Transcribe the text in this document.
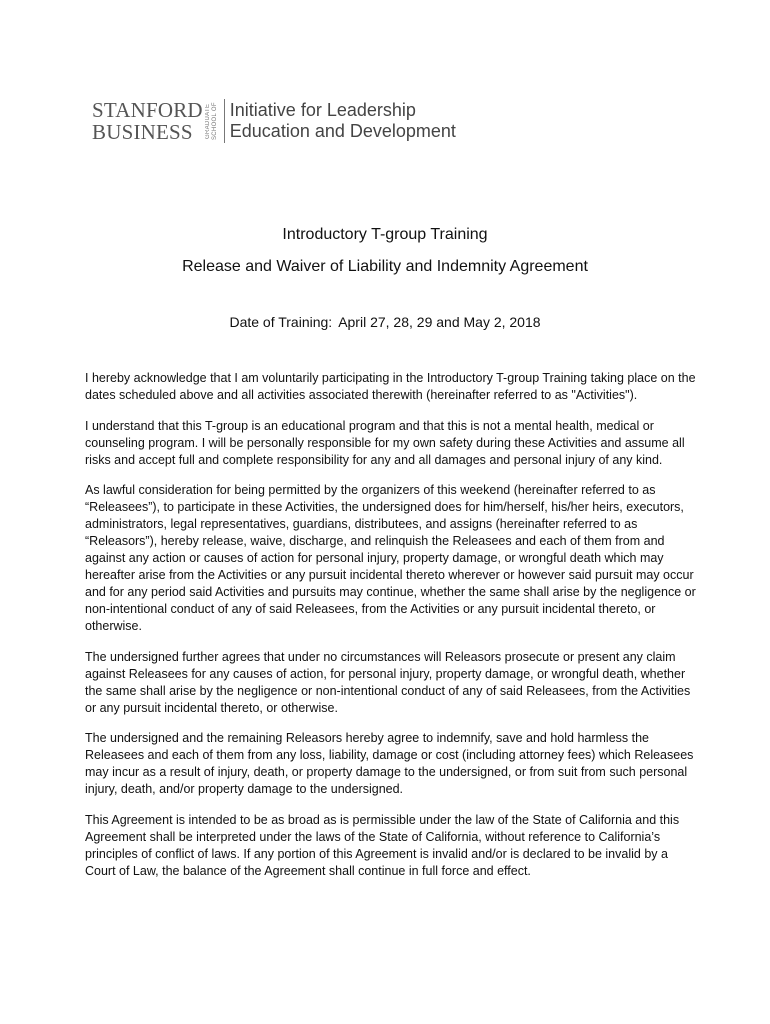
STANFORD
BUSINESS	GRADUATE SCHOOL OF Initiative for Leadership
Education and Development
Introductory T-group Training
Release and Waiver of Liability and Indemnity Agreement
Date of Training: April 27, 28, 29 and May 2, 2018

I hereby acknowledge that I am voluntarily participating in the Introductory T-group Training taking place on the dates scheduled above and all activities associated therewith (hereinafter referred to as "Activities").

I understand that this T-group is an educational program and that this is not a mental health, medical or counseling program. I will be personally responsible for my own safety during these Activities and assume all risks and accept full and complete responsibility for any and all damages and personal injury of any kind.

As lawful consideration for being permitted by the organizers of this weekend (hereinafter referred to as “Releasees”), to participate in these Activities, the undersigned does for him/herself, his/her heirs, executors, administrators, legal representatives, guardians, distributees, and assigns (hereinafter referred to as “Releasors”), hereby release, waive, discharge, and relinquish the Releasees and each of them from and against any action or causes of action for personal injury, property damage, or wrongful death which may hereafter arise from the Activities or any pursuit incidental thereto wherever or however said pursuit may occur and for any period said Activities and pursuits may continue, whether the same shall arise by the negligence or non-intentional conduct of any of said Releasees, from the Activities or any pursuit incidental thereto, or otherwise.

The undersigned further agrees that under no circumstances will Releasors prosecute or present any claim against Releasees for any causes of action, for personal injury, property damage, or wrongful death, whether the same shall arise by the negligence or non-intentional conduct of any of said Releasees, from the Activities or any pursuit incidental thereto, or otherwise.

The undersigned and the remaining Releasors hereby agree to indemnify, save and hold harmless the Releasees and each of them from any loss, liability, damage or cost (including attorney fees) which Releasees may incur as a result of injury, death, or property damage to the undersigned, or from suit from such personal injury, death, and/or property damage to the undersigned.

This Agreement is intended to be as broad as is permissible under the law of the State of California and this Agreement shall be interpreted under the laws of the State of California, without reference to California’s principles of conflict of laws. If any portion of this Agreement is invalid and/or is declared to be invalid by a Court of Law, the balance of the Agreement shall continue in full force and effect.
